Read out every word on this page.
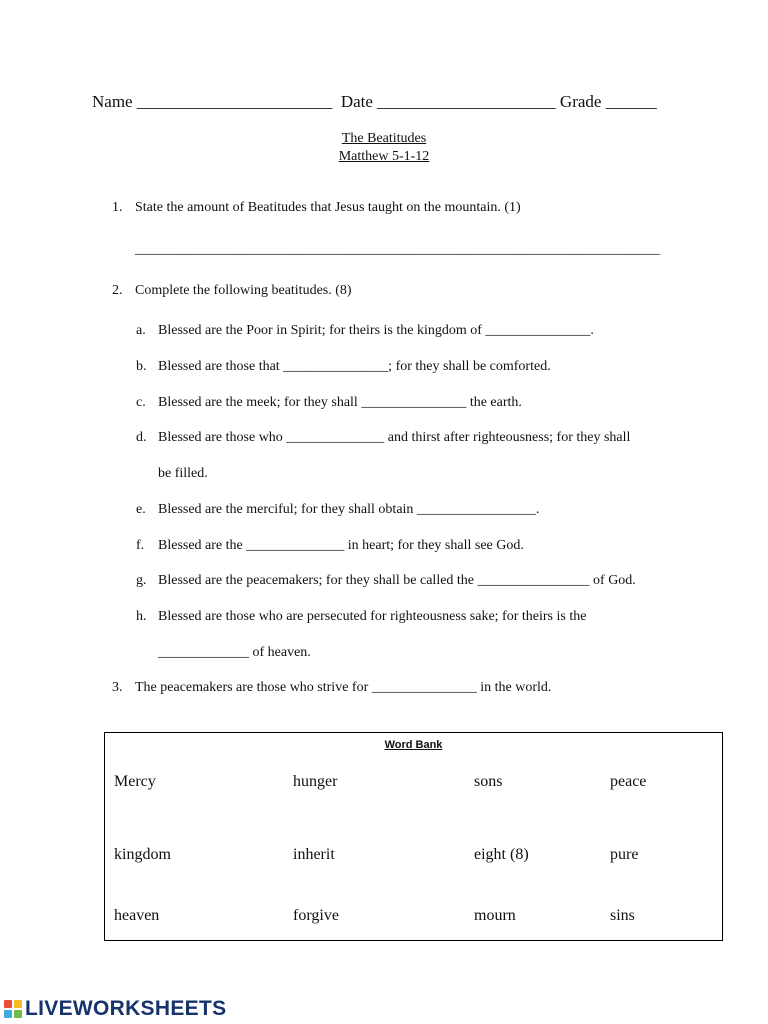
Name _______________________  Date _____________________ Grade ______
The Beatitudes
Matthew 5-1-12
1. State the amount of Beatitudes that Jesus taught on the mountain. (1)
___________________________________________________________________________
2. Complete the following beatitudes. (8)
a. Blessed are the Poor in Spirit; for theirs is the kingdom of _______________.
b. Blessed are those that _______________; for they shall be comforted.
c. Blessed are the meek; for they shall _______________ the earth.
d. Blessed are those who ______________ and thirst after righteousness; for they shall
be filled.
e. Blessed are the merciful; for they shall obtain _________________.
f. Blessed are the ______________ in heart; for they shall see God.
g. Blessed are the peacemakers; for they shall be called the ________________ of God.
h. Blessed are those who are persecuted for righteousness sake; for theirs is the
_____________ of heaven.
3. The peacemakers are those who strive for _______________ in the world.
Word Bank
Mercy	hunger	sons	peace
kingdom	inherit	eight (8)	pure
heaven	forgive	mourn	sins
LIVEWORKSHEETS
